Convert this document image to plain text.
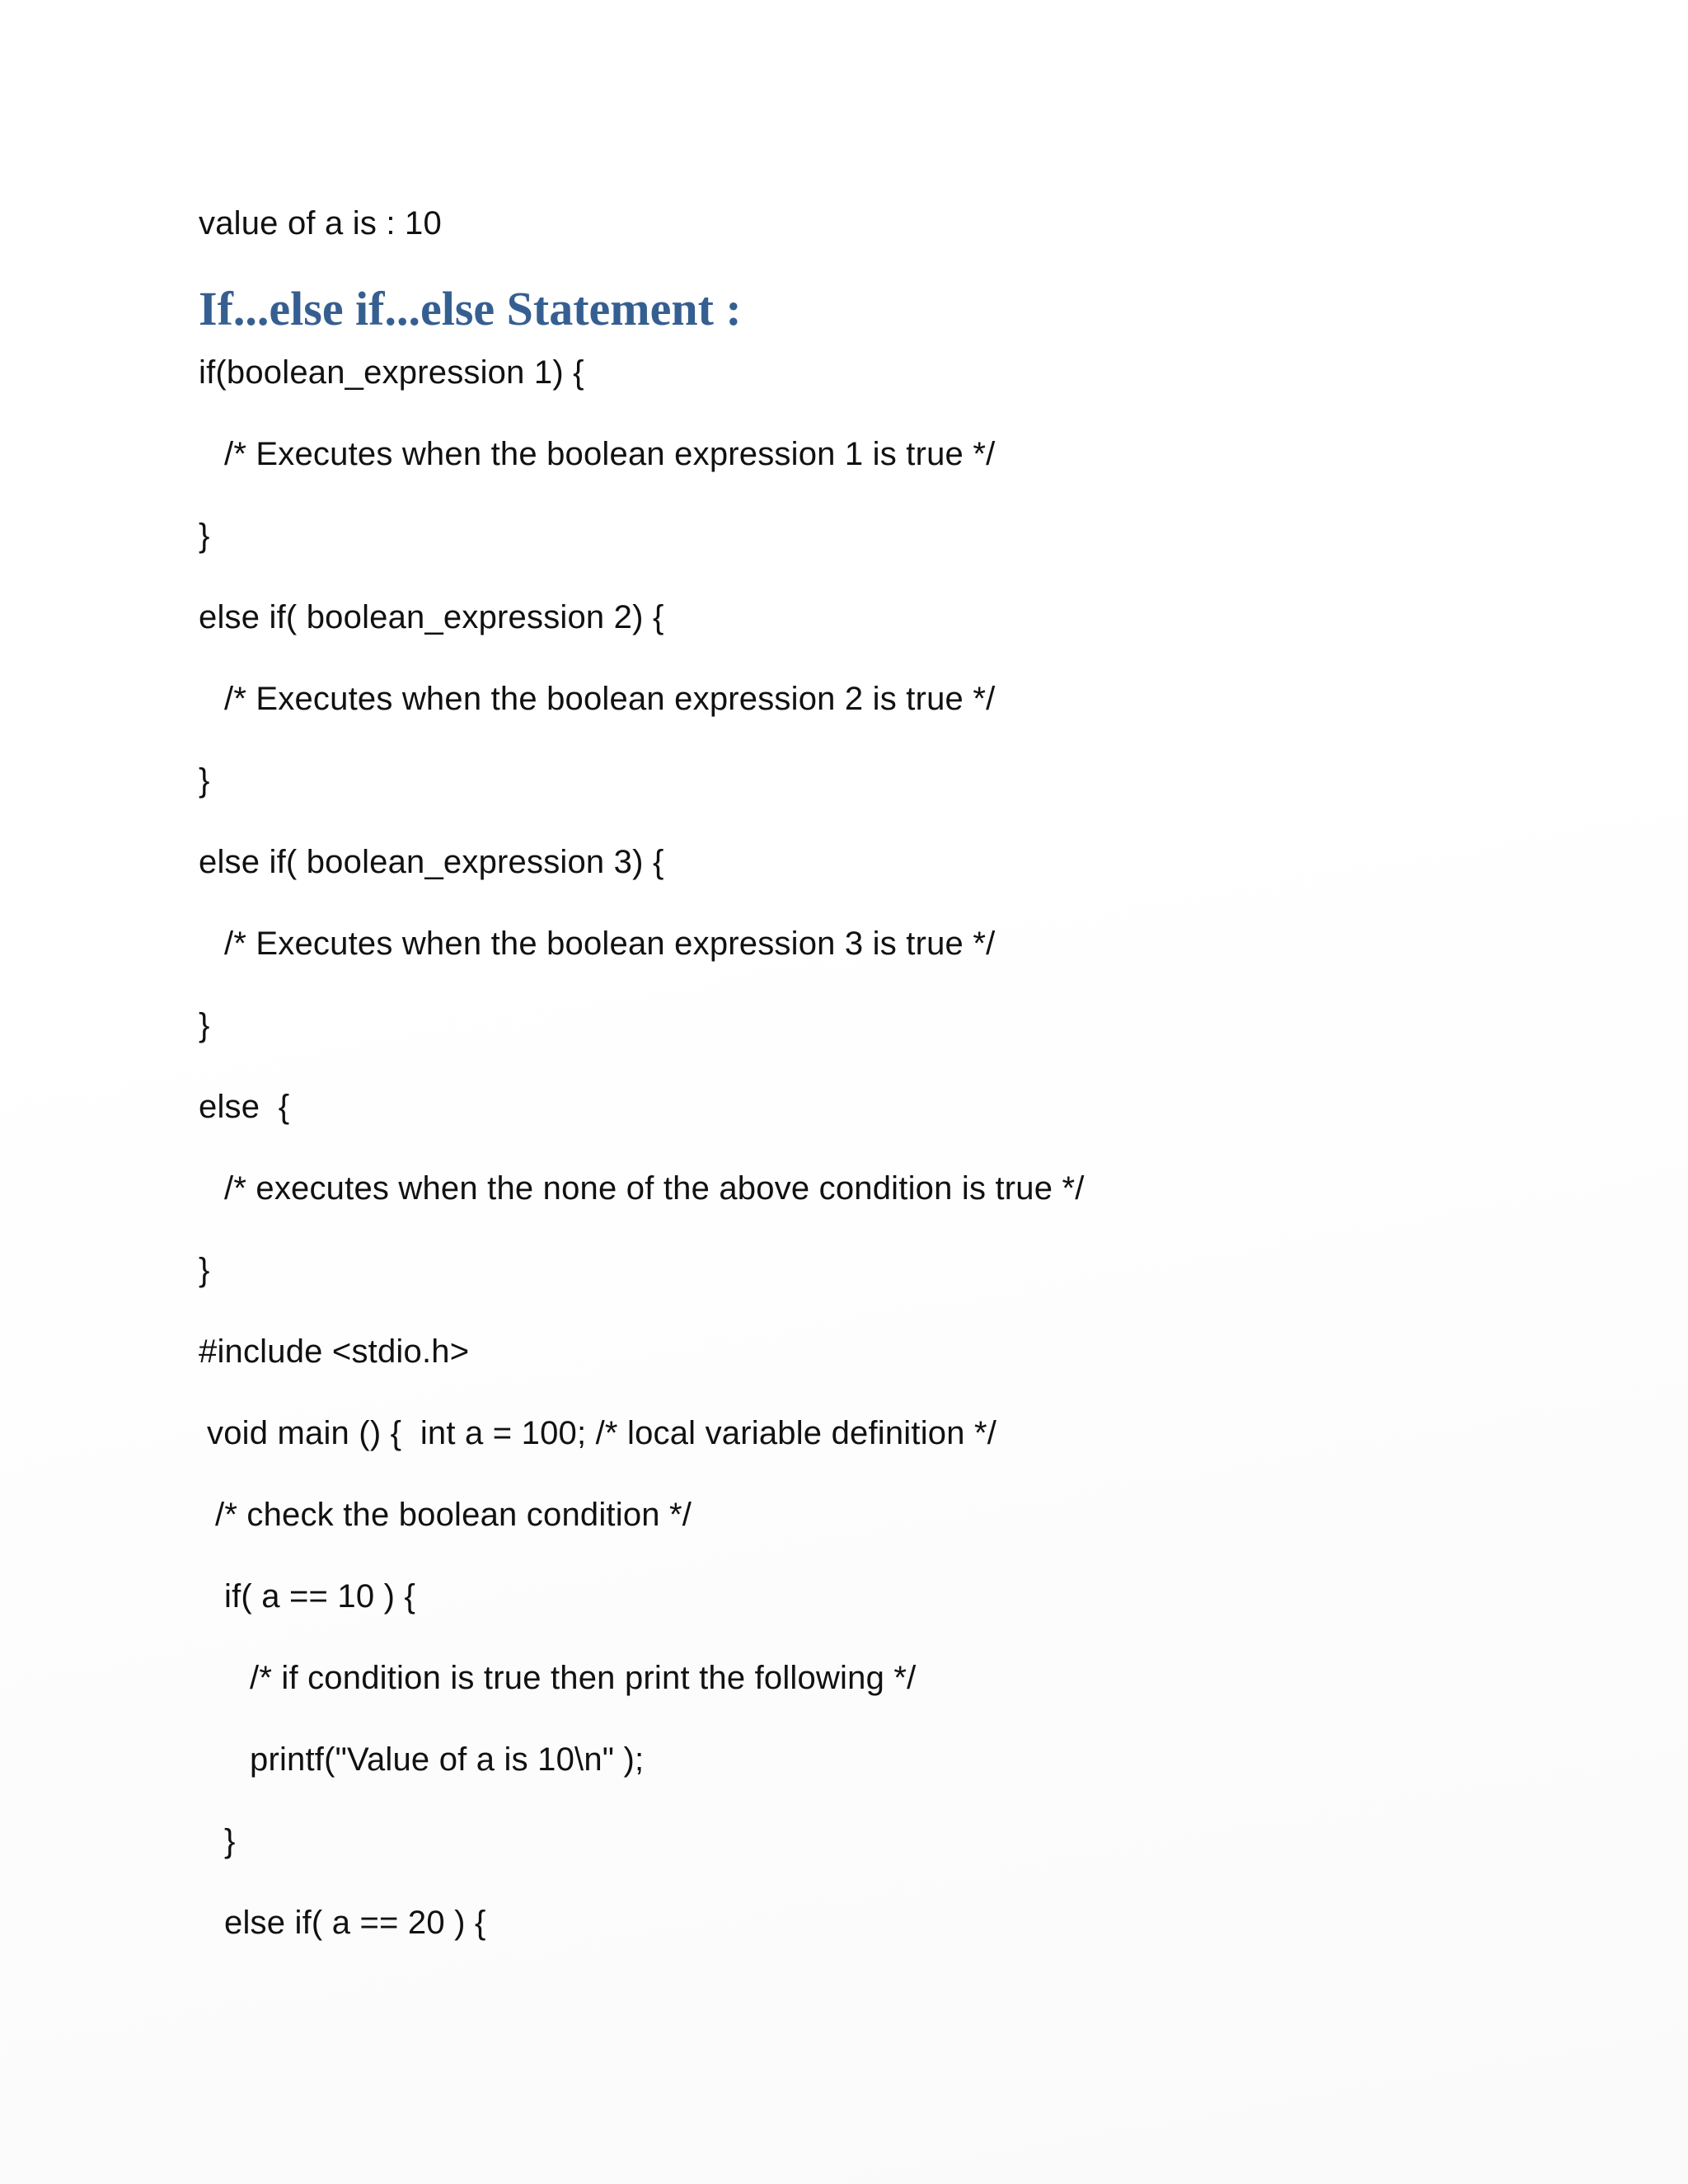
value of a is : 10
If...else if...else Statement :
if(boolean_expression 1) {
/* Executes when the boolean expression 1 is true */
}
else if( boolean_expression 2) {
/* Executes when the boolean expression 2 is true */
}
else if( boolean_expression 3) {
/* Executes when the boolean expression 3 is true */
}
else  {
/* executes when the none of the above condition is true */
}
#include <stdio.h>
void main () {  int a = 100; /* local variable definition */
/* check the boolean condition */
if( a == 10 ) {
/* if condition is true then print the following */
printf("Value of a is 10\n" );
}
else if( a == 20 ) {
